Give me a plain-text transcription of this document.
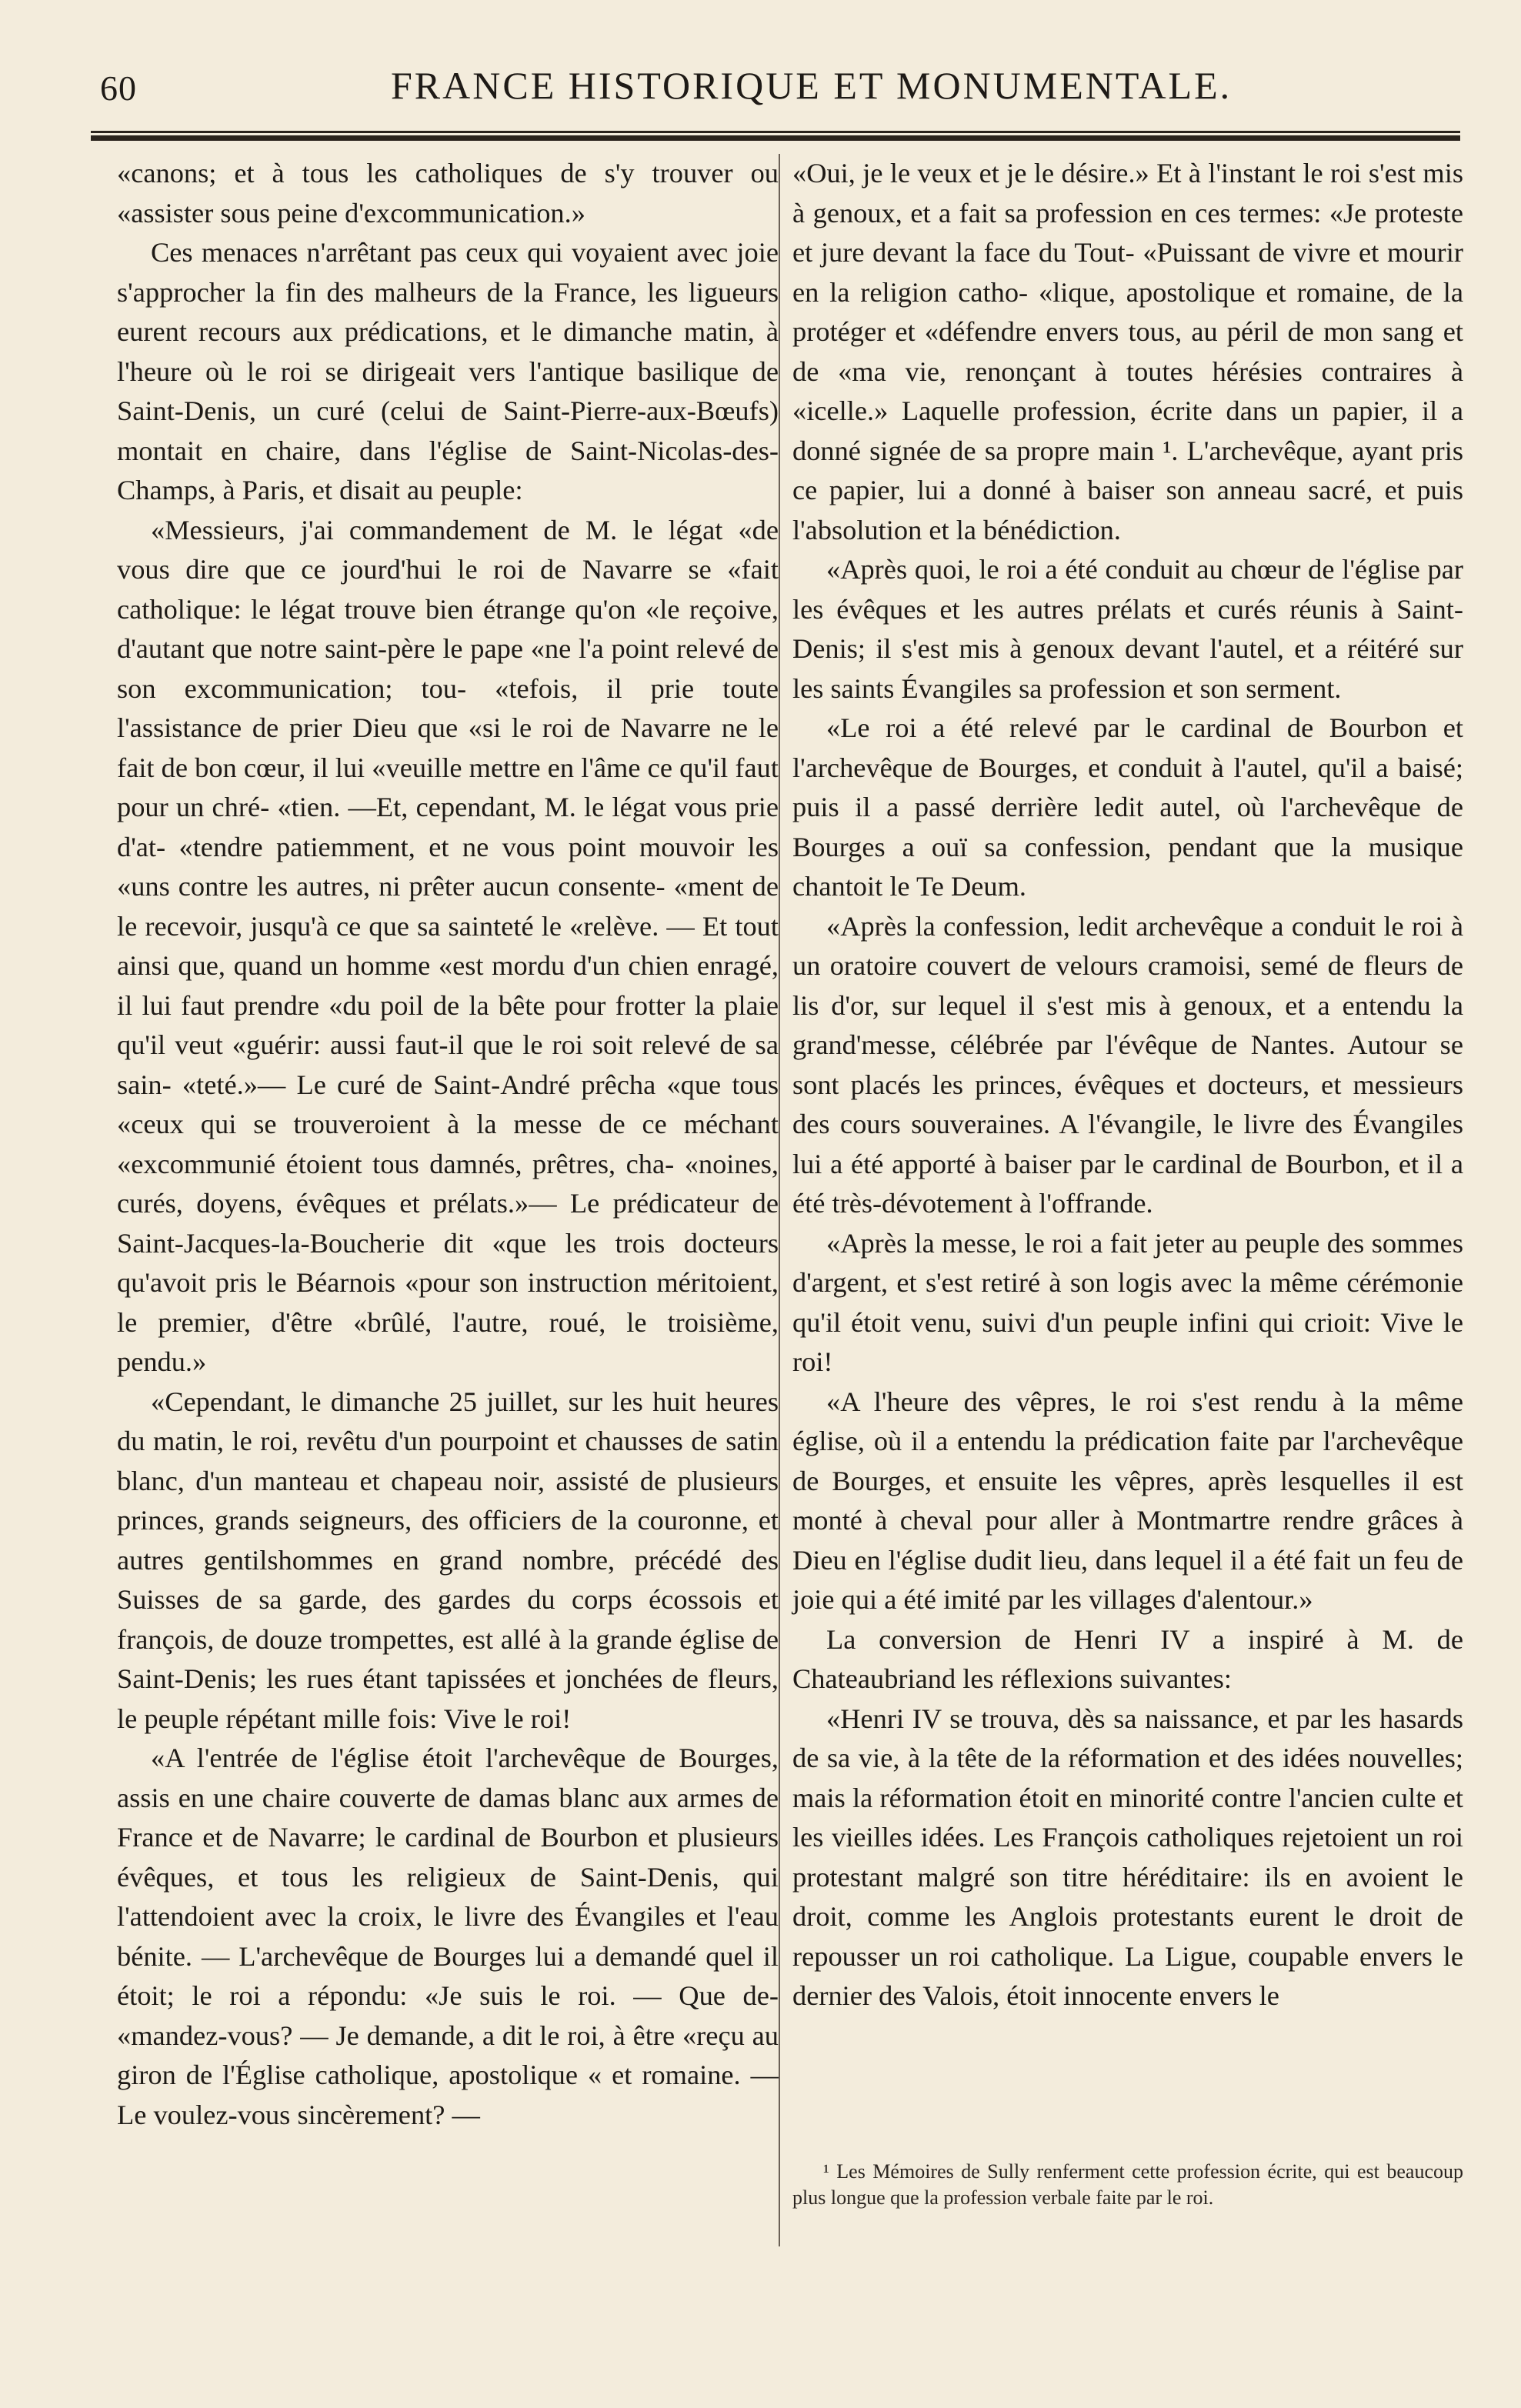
60	FRANCE HISTORIQUE ET MONUMENTALE.

«canons; et à tous les catholiques de s'y trouver ou «assister sous peine d'excommunication.»

Ces menaces n'arrêtant pas ceux qui voyaient avec joie s'approcher la fin des malheurs de la France, les ligueurs eurent recours aux prédications, et le dimanche matin, à l'heure où le roi se dirigeait vers l'antique basilique de Saint-Denis, un curé (celui de Saint-Pierre-aux-Bœufs) montait en chaire, dans l'église de Saint-Nicolas-des-Champs, à Paris, et disait au peuple:

«Messieurs, j'ai commandement de M. le légat «de vous dire que ce jourd'hui le roi de Navarre se «fait catholique: le légat trouve bien étrange qu'on «le reçoive, d'autant que notre saint-père le pape «ne l'a point relevé de son excommunication; tou- «tefois, il prie toute l'assistance de prier Dieu que «si le roi de Navarre ne le fait de bon cœur, il lui «veuille mettre en l'âme ce qu'il faut pour un chré- «tien. —Et, cependant, M. le légat vous prie d'at- «tendre patiemment, et ne vous point mouvoir les «uns contre les autres, ni prêter aucun consente- «ment de le recevoir, jusqu'à ce que sa sainteté le «relève. — Et tout ainsi que, quand un homme «est mordu d'un chien enragé, il lui faut prendre «du poil de la bête pour frotter la plaie qu'il veut «guérir: aussi faut-il que le roi soit relevé de sa sain- «teté.»— Le curé de Saint-André prêcha «que tous «ceux qui se trouveroient à la messe de ce méchant «excommunié étoient tous damnés, prêtres, cha- «noines, curés, doyens, évêques et prélats.»— Le prédicateur de Saint-Jacques-la-Boucherie dit «que les trois docteurs qu'avoit pris le Béarnois «pour son instruction méritoient, le premier, d'être «brûlé, l'autre, roué, le troisième, pendu.»

«Cependant, le dimanche 25 juillet, sur les huit heures du matin, le roi, revêtu d'un pourpoint et chausses de satin blanc, d'un manteau et chapeau noir, assisté de plusieurs princes, grands seigneurs, des officiers de la couronne, et autres gentilshommes en grand nombre, précédé des Suisses de sa garde, des gardes du corps écossois et françois, de douze trompettes, est allé à la grande église de Saint-Denis; les rues étant tapissées et jonchées de fleurs, le peuple répétant mille fois: Vive le roi!

«A l'entrée de l'église étoit l'archevêque de Bourges, assis en une chaire couverte de damas blanc aux armes de France et de Navarre; le cardinal de Bourbon et plusieurs évêques, et tous les religieux de Saint-Denis, qui l'attendoient avec la croix, le livre des Évangiles et l'eau bénite. — L'archevêque de Bourges lui a demandé quel il étoit; le roi a répondu: «Je suis le roi. — Que de- «mandez-vous? — Je demande, a dit le roi, à être «reçu au giron de l'Église catholique, apostolique « et romaine. — Le voulez-vous sincèrement? —

«Oui, je le veux et je le désire.» Et à l'instant le roi s'est mis à genoux, et a fait sa profession en ces termes: «Je proteste et jure devant la face du Tout- «Puissant de vivre et mourir en la religion catho- «lique, apostolique et romaine, de la protéger et «défendre envers tous, au péril de mon sang et de «ma vie, renonçant à toutes hérésies contraires à «icelle.» Laquelle profession, écrite dans un papier, il a donné signée de sa propre main ¹. L'archevêque, ayant pris ce papier, lui a donné à baiser son anneau sacré, et puis l'absolution et la bénédiction.

«Après quoi, le roi a été conduit au chœur de l'église par les évêques et les autres prélats et curés réunis à Saint-Denis; il s'est mis à genoux devant l'autel, et a réitéré sur les saints Évangiles sa profession et son serment.

«Le roi a été relevé par le cardinal de Bourbon et l'archevêque de Bourges, et conduit à l'autel, qu'il a baisé; puis il a passé derrière ledit autel, où l'archevêque de Bourges a ouï sa confession, pendant que la musique chantoit le Te Deum.

«Après la confession, ledit archevêque a conduit le roi à un oratoire couvert de velours cramoisi, semé de fleurs de lis d'or, sur lequel il s'est mis à genoux, et a entendu la grand'messe, célébrée par l'évêque de Nantes. Autour se sont placés les princes, évêques et docteurs, et messieurs des cours souveraines. A l'évangile, le livre des Évangiles lui a été apporté à baiser par le cardinal de Bourbon, et il a été très-dévotement à l'offrande.

«Après la messe, le roi a fait jeter au peuple des sommes d'argent, et s'est retiré à son logis avec la même cérémonie qu'il étoit venu, suivi d'un peuple infini qui crioit: Vive le roi!

«A l'heure des vêpres, le roi s'est rendu à la même église, où il a entendu la prédication faite par l'archevêque de Bourges, et ensuite les vêpres, après lesquelles il est monté à cheval pour aller à Montmartre rendre grâces à Dieu en l'église dudit lieu, dans lequel il a été fait un feu de joie qui a été imité par les villages d'alentour.»

La conversion de Henri IV a inspiré à M. de Chateaubriand les réflexions suivantes:

«Henri IV se trouva, dès sa naissance, et par les hasards de sa vie, à la tête de la réformation et des idées nouvelles; mais la réformation étoit en minorité contre l'ancien culte et les vieilles idées. Les François catholiques rejetoient un roi protestant malgré son titre héréditaire: ils en avoient le droit, comme les Anglois protestants eurent le droit de repousser un roi catholique. La Ligue, coupable envers le dernier des Valois, étoit innocente envers le

¹ Les Mémoires de Sully renferment cette profession écrite, qui est beaucoup plus longue que la profession verbale faite par le roi.
